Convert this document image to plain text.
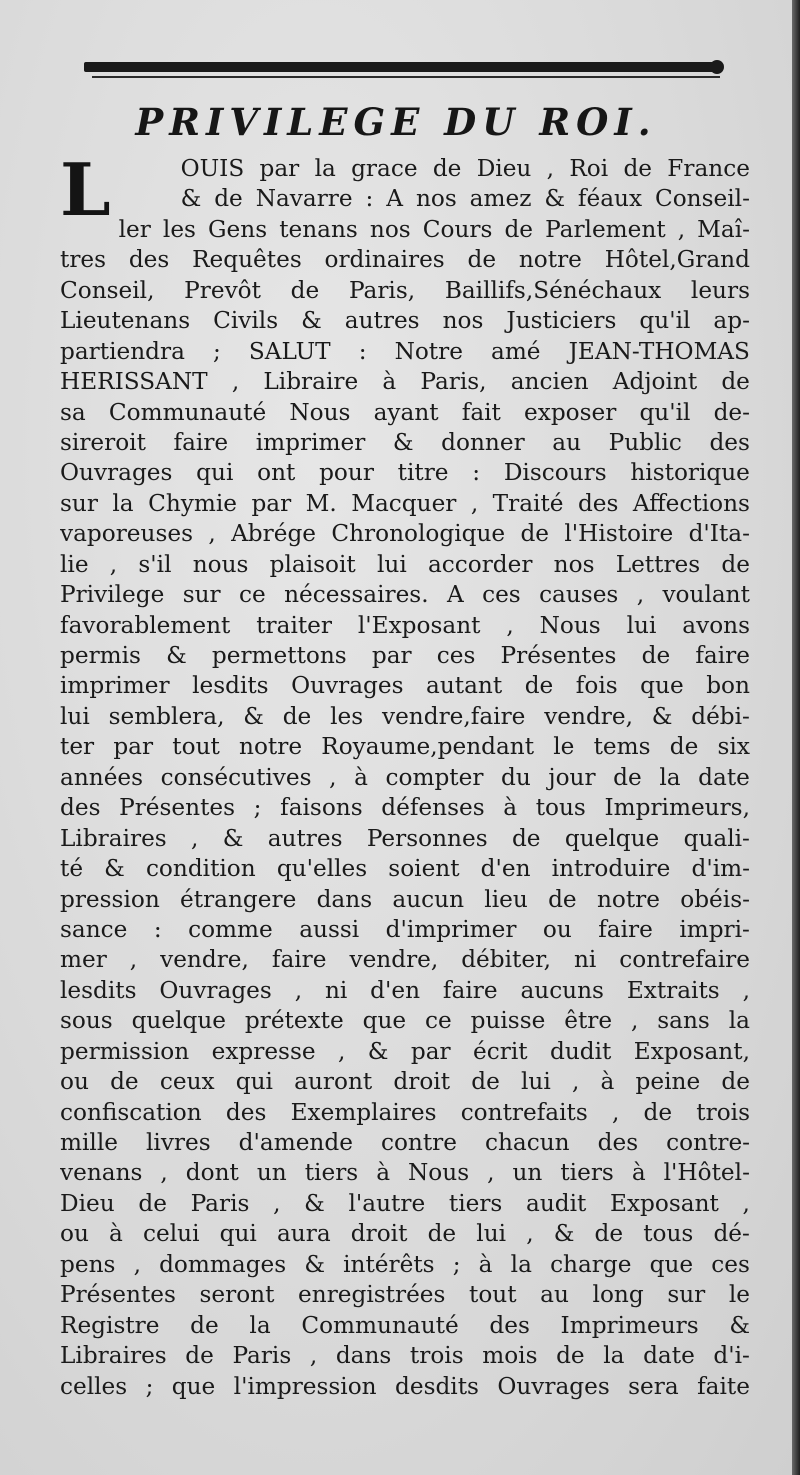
PRIVILEGE DU ROI.
L	OUIS par la grace de Dieu , Roi de France
& de Navarre : A nos amez & féaux Conseil-
ler les Gens tenans nos Cours de Parlement , Maî-
tres des Requêtes ordinaires de notre Hôtel,Grand
Conseil, Prevôt de Paris, Baillifs,Sénéchaux leurs
Lieutenans Civils & autres nos Justiciers qu'il ap-
partiendra ; SALUT : Notre amé JEAN-THOMAS
HERISSANT , Libraire à Paris, ancien Adjoint de
sa Communauté Nous ayant fait exposer qu'il de-
sireroit faire imprimer & donner au Public des
Ouvrages qui ont pour titre : Discours historique
sur la Chymie par M. Macquer , Traité des Affections
vaporeuses , Abrége Chronologique de l'Histoire d'Ita-
lie , s'il nous plaisoit lui accorder nos Lettres de
Privilege sur ce nécessaires. A ces causes , voulant
favorablement traiter l'Exposant , Nous lui avons
permis & permettons par ces Présentes de faire
imprimer lesdits Ouvrages autant de fois que bon
lui semblera, & de les vendre,faire vendre, & débi-
ter par tout notre Royaume,pendant le tems de six
années consécutives , à compter du jour de la date
des Présentes ; faisons défenses à tous Imprimeurs,
Libraires , & autres Personnes de quelque quali-
té & condition qu'elles soient d'en introduire d'im-
pression étrangere dans aucun lieu de notre obéis-
sance : comme aussi d'imprimer ou faire impri-
mer , vendre, faire vendre, débiter, ni contrefaire
lesdits Ouvrages , ni d'en faire aucuns Extraits ,
sous quelque prétexte que ce puisse être , sans la
permission expresse , & par écrit dudit Exposant,
ou de ceux qui auront droit de lui , à peine de
confiscation des Exemplaires contrefaits , de trois
mille livres d'amende contre chacun des contre-
venans , dont un tiers à Nous , un tiers à l'Hôtel-
Dieu de Paris , & l'autre tiers audit Exposant ,
ou à celui qui aura droit de lui , & de tous dé-
pens , dommages & intérêts ; à la charge que ces
Présentes seront enregistrées tout au long sur le
Registre de la Communauté des Imprimeurs &
Libraires de Paris , dans trois mois de la date d'i-
celles ; que l'impression desdits Ouvrages sera faite
